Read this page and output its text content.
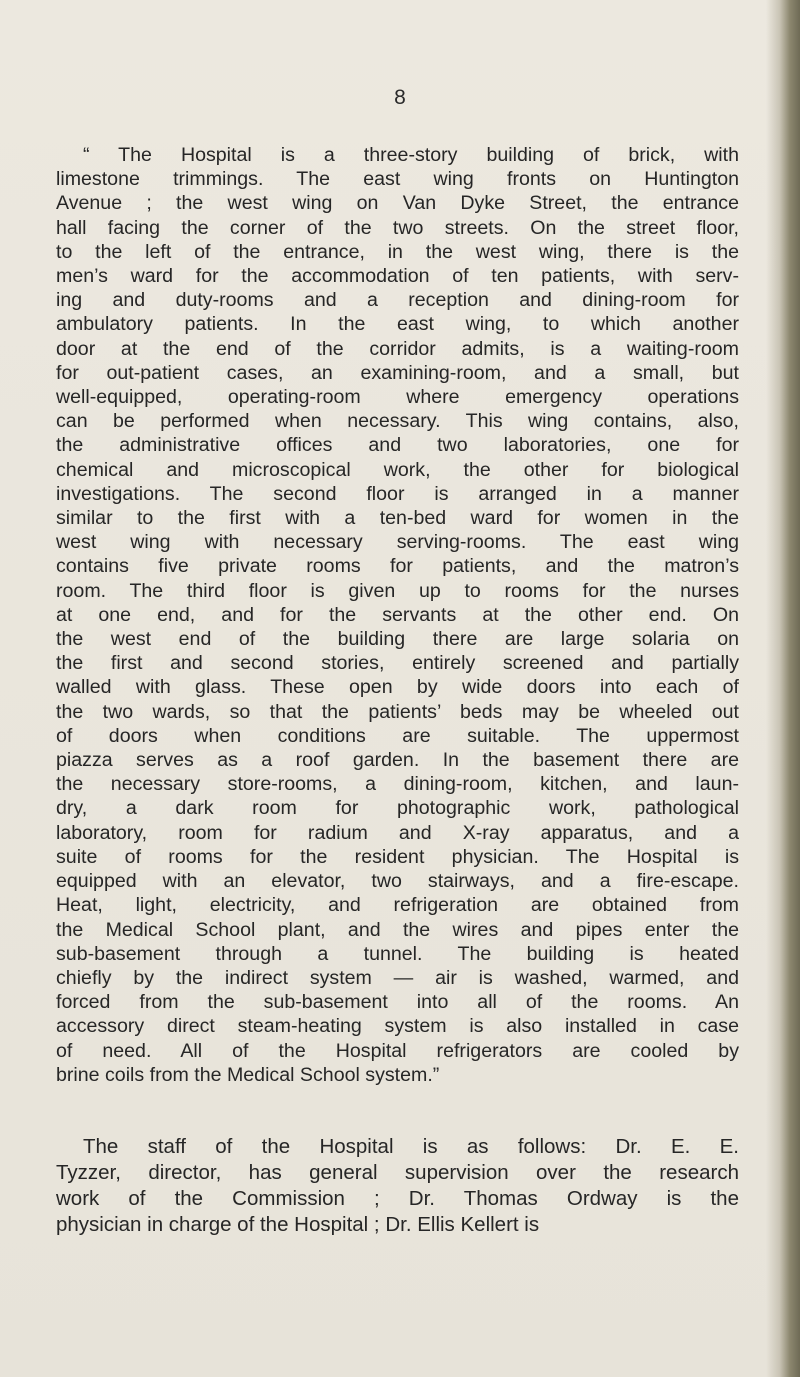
8
“ The Hospital is a three-story building of brick, with
limestone trimmings. The east wing fronts on Huntington
Avenue ; the west wing on Van Dyke Street, the entrance
hall facing the corner of the two streets. On the street floor,
to the left of the entrance, in the west wing, there is the
men’s ward for the accommodation of ten patients, with serv-
ing and duty-rooms and a reception and dining-room for
ambulatory patients. In the east wing, to which another
door at the end of the corridor admits, is a waiting-room
for out-patient cases, an examining-room, and a small, but
well-equipped, operating-room where emergency operations
can be performed when necessary. This wing contains, also,
the administrative offices and two laboratories, one for
chemical and microscopical work, the other for biological
investigations. The second floor is arranged in a manner
similar to the first with a ten-bed ward for women in the
west wing with necessary serving-rooms. The east wing
contains five private rooms for patients, and the matron’s
room. The third floor is given up to rooms for the nurses
at one end, and for the servants at the other end. On
the west end of the building there are large solaria on
the first and second stories, entirely screened and partially
walled with glass. These open by wide doors into each of
the two wards, so that the patients’ beds may be wheeled out
of doors when conditions are suitable. The uppermost
piazza serves as a roof garden. In the basement there are
the necessary store-rooms, a dining-room, kitchen, and laun-
dry, a dark room for photographic work, pathological
laboratory, room for radium and X-ray apparatus, and a
suite of rooms for the resident physician. The Hospital is
equipped with an elevator, two stairways, and a fire-escape.
Heat, light, electricity, and refrigeration are obtained from
the Medical School plant, and the wires and pipes enter the
sub-basement through a tunnel. The building is heated
chiefly by the indirect system — air is washed, warmed, and
forced from the sub-basement into all of the rooms. An
accessory direct steam-heating system is also installed in case
of need. All of the Hospital refrigerators are cooled by
brine coils from the Medical School system.”
The staff of the Hospital is as follows: Dr. E. E.
Tyzzer, director, has general supervision over the research
work of the Commission ; Dr. Thomas Ordway is the
physician in charge of the Hospital ; Dr. Ellis Kellert is
